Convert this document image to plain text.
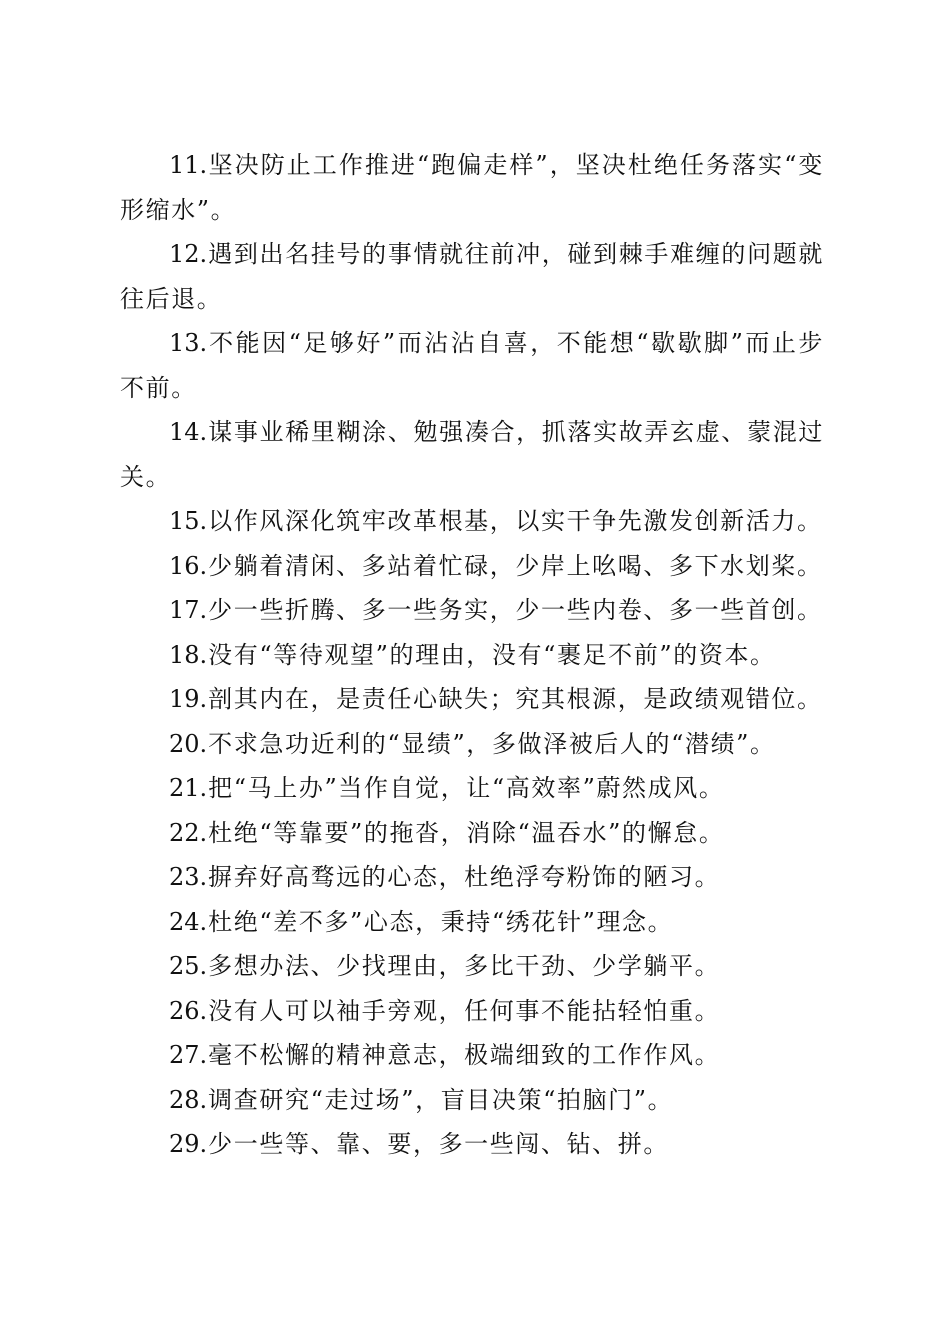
11.坚决防止工作推进“跑偏走样”，坚决杜绝任务落实“变形缩水”。

12.遇到出名挂号的事情就往前冲，碰到棘手难缠的问题就往后退。

13.不能因“足够好”而沾沾自喜，不能想“歇歇脚”而止步不前。

14.谋事业稀里糊涂、勉强凑合，抓落实故弄玄虚、蒙混过关。

15.以作风深化筑牢改革根基，以实干争先激发创新活力。

16.少躺着清闲、多站着忙碌，少岸上吆喝、多下水划桨。

17.少一些折腾、多一些务实，少一些内卷、多一些首创。

18.没有“等待观望”的理由，没有“裹足不前”的资本。

19.剖其内在，是责任心缺失；究其根源，是政绩观错位。

20.不求急功近利的“显绩”，多做泽被后人的“潜绩”。

21.把“马上办”当作自觉，让“高效率”蔚然成风。

22.杜绝“等靠要”的拖沓，消除“温吞水”的懈怠。

23.摒弃好高骛远的心态，杜绝浮夸粉饰的陋习。

24.杜绝“差不多”心态，秉持“绣花针”理念。

25.多想办法、少找理由，多比干劲、少学躺平。

26.没有人可以袖手旁观，任何事不能拈轻怕重。

27.毫不松懈的精神意志，极端细致的工作作风。

28.调查研究“走过场”，盲目决策“拍脑门”。

29.少一些等、靠、要，多一些闯、钻、拼。
